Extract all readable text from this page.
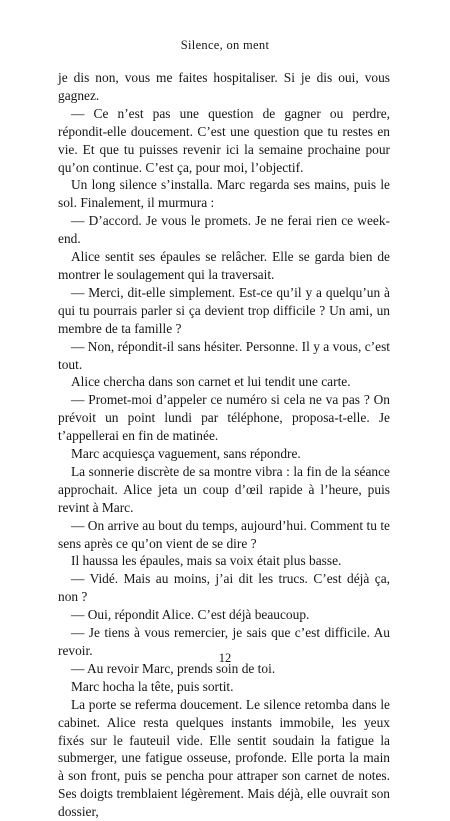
Silence, on ment

je dis non, vous me faites hospitaliser. Si je dis oui, vous gagnez.

— Ce n’est pas une question de gagner ou perdre, répondit-elle doucement. C’est une question que tu restes en vie. Et que tu puisses revenir ici la semaine prochaine pour qu’on continue. C’est ça, pour moi, l’objectif.

Un long silence s’installa. Marc regarda ses mains, puis le sol. Finalement, il murmura :

— D’accord. Je vous le promets. Je ne ferai rien ce week-end.

Alice sentit ses épaules se relâcher. Elle se garda bien de montrer le soulagement qui la traversait.

— Merci, dit-elle simplement. Est-ce qu’il y a quelqu’un à qui tu pourrais parler si ça devient trop difficile ? Un ami, un membre de ta famille ?

— Non, répondit-il sans hésiter. Personne. Il y a vous, c’est tout.

Alice chercha dans son carnet et lui tendit une carte.

— Promet-moi d’appeler ce numéro si cela ne va pas ? On prévoit un point lundi par téléphone, proposa-t-elle. Je t’appellerai en fin de matinée.

Marc acquiesça vaguement, sans répondre.

La sonnerie discrète de sa montre vibra : la fin de la séance approchait. Alice jeta un coup d’œil rapide à l’heure, puis revint à Marc.

— On arrive au bout du temps, aujourd’hui. Comment tu te sens après ce qu’on vient de se dire ?

Il haussa les épaules, mais sa voix était plus basse.

— Vidé. Mais au moins, j’ai dit les trucs. C’est déjà ça, non ?

— Oui, répondit Alice. C’est déjà beaucoup.

— Je tiens à vous remercier, je sais que c’est difficile. Au revoir.

— Au revoir Marc, prends soin de toi.

Marc hocha la tête, puis sortit.

La porte se referma doucement. Le silence retomba dans le cabinet. Alice resta quelques instants immobile, les yeux fixés sur le fauteuil vide. Elle sentit soudain la fatigue la submerger, une fatigue osseuse, profonde. Elle porta la main à son front, puis se pencha pour attraper son carnet de notes. Ses doigts tremblaient légèrement. Mais déjà, elle ouvrait son dossier,

12
